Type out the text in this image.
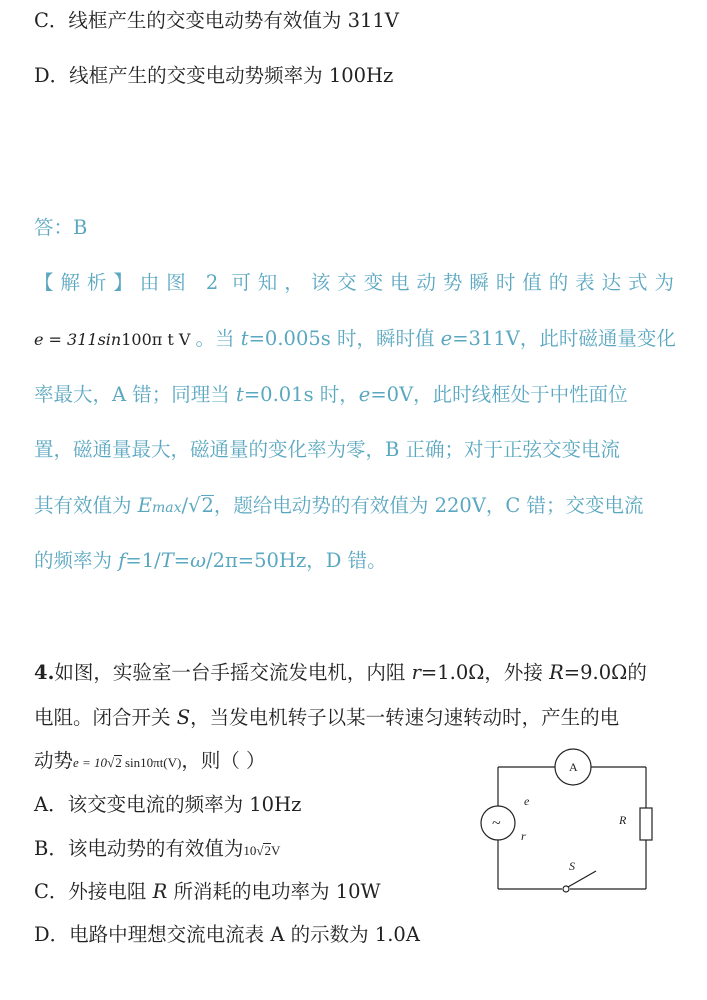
C．线框产生的交变电动势有效值为 311V
D．线框产生的交变电动势频率为 100Hz
答：B
【解析】由图 2 可知，该交变电动势瞬时值的表达式为
e = 311sin100π t V 。当 t=0.005s 时，瞬时值 e=311V，此时磁通量变化
率最大，A 错；同理当 t=0.01s 时，e=0V，此时线框处于中性面位
置，磁通量最大，磁通量的变化率为零，B 正确；对于正弦交变电流
其有效值为 Emax/√2，题给电动势的有效值为 220V，C 错；交变电流
的频率为 f=1/T=ω/2π=50Hz，D 错。
4.如图，实验室一台手摇交流发电机，内阻 r=1.0Ω，外接 R=9.0Ω的
电阻。闭合开关 S，当发电机转子以某一转速匀速转动时，产生的电
动势e = 10√2 sin10πt(V)，则（ ）
A．该交变电流的频率为 10Hz
B．该电动势的有效值为10√2V
C．外接电阻 R 所消耗的电功率为 10W
D．电路中理想交流电流表 A 的示数为 1.0A
A
~
e
r
R
S
